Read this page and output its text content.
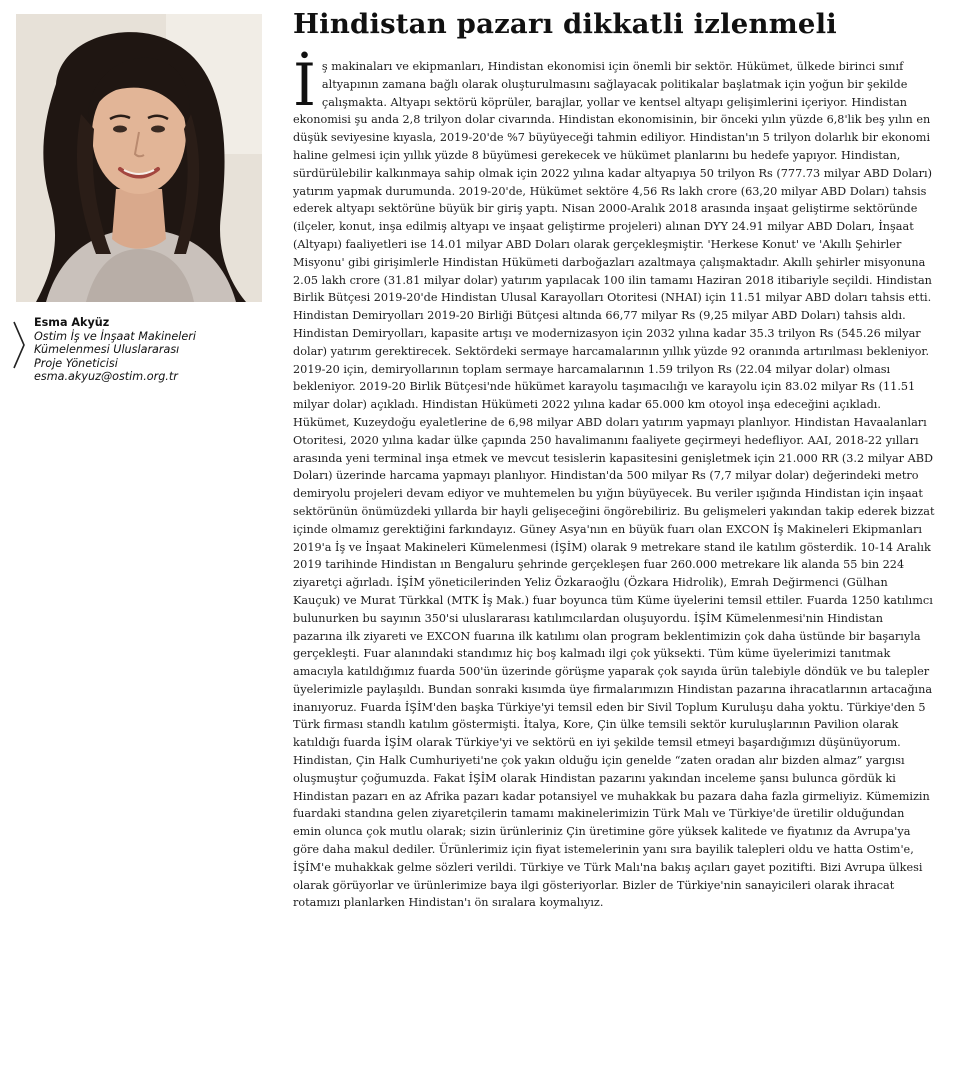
Esma Akyüz
Ostim İş ve İnşaat Makineleri
Kümelenmesi Uluslararası
Proje Yöneticisi
esma.akyuz@ostim.org.tr
Hindistan pazarı dikkatli izlenmeli
İ ş makinaları ve ekipmanları, Hindistan ekonomisi için önemli bir sektör. Hükümet, ülkede birinci sınıf altyapının zamana bağlı olarak oluşturulmasını sağlayacak politikalar başlatmak için yoğun bir şekilde çalışmakta. Altyapı sektörü köprüler, barajlar, yollar ve kentsel altyapı gelişimlerini içeriyor. Hindistan ekonomisi şu anda 2,8 trilyon dolar civarında. Hindistan ekonomisinin, bir önceki yılın yüzde 6,8'lik beş yılın en düşük seviyesine kıyasla, 2019-20'de %7 büyüyeceği tahmin ediliyor. Hindistan'ın 5 trilyon dolarlık bir ekonomi haline gelmesi için yıllık yüzde 8 büyümesi gerekecek ve hükümet planlarını bu hedefe yapıyor. Hindistan, sürdürülebilir kalkınmaya sahip olmak için 2022 yılına kadar altyapıya 50 trilyon Rs (777.73 milyar ABD Doları) yatırım yapmak durumunda. 2019-20'de, Hükümet sektöre 4,56 Rs lakh crore (63,20 milyar ABD Doları) tahsis ederek altyapı sektörüne büyük bir giriş yaptı. Nisan 2000-Aralık 2018 arasında inşaat geliştirme sektöründe (ilçeler, konut, inşa edilmiş altyapı ve inşaat geliştirme projeleri) alınan DYY 24.91 milyar ABD Doları, İnşaat (Altyapı) faaliyetleri ise 14.01 milyar ABD Doları olarak gerçekleşmiştir. 'Herkese Konut' ve 'Akıllı Şehirler Misyonu' gibi girişimlerle Hindistan Hükümeti darboğazları azaltmaya çalışmaktadır. Akıllı şehirler misyonuna 2.05 lakh crore (31.81 milyar dolar) yatırım yapılacak 100 ilin tamamı Haziran 2018 itibariyle seçildi. Hindistan Birlik Bütçesi 2019-20'de Hindistan Ulusal Karayolları Otoritesi (NHAI) için 11.51 milyar ABD doları tahsis etti. Hindistan Demiryolları 2019-20 Birliği Bütçesi altında 66,77 milyar Rs (9,25 milyar ABD Doları) tahsis aldı. Hindistan Demiryolları, kapasite artışı ve modernizasyon için 2032 yılına kadar 35.3 trilyon Rs (545.26 milyar dolar) yatırım gerektirecek. Sektördeki sermaye harcamalarının yıllık yüzde 92 oranında artırılması bekleniyor. 2019-20 için, demiryollarının toplam sermaye harcamalarının 1.59 trilyon Rs (22.04 milyar dolar) olması bekleniyor. 2019-20 Birlik Bütçesi'nde hükümet karayolu taşımacılığı ve karayolu için 83.02 milyar Rs (11.51 milyar dolar) açıkladı. Hindistan Hükümeti 2022 yılına kadar 65.000 km otoyol inşa edeceğini açıkladı. Hükümet, Kuzeydoğu eyaletlerine de 6,98 milyar ABD doları yatırım yapmayı planlıyor. Hindistan Havaalanları Otoritesi, 2020 yılına kadar ülke çapında 250 havalimanını faaliyete geçirmeyi hedefliyor. AAI, 2018-22 yılları arasında yeni terminal inşa etmek ve mevcut tesislerin kapasitesini genişletmek için 21.000 RR (3.2 milyar ABD Doları) üzerinde harcama yapmayı planlıyor. Hindistan'da 500 milyar Rs (7,7 milyar dolar) değerindeki metro demiryolu projeleri devam ediyor ve muhtemelen bu yığın büyüyecek. Bu veriler ışığında Hindistan için inşaat sektörünün önümüzdeki yıllarda bir hayli gelişeceğini öngörebiliriz. Bu gelişmeleri yakından takip ederek bizzat içinde olmamız gerektiğini farkındayız. Güney Asya'nın en büyük fuarı olan EXCON İş Makineleri Ekipmanları 2019'a İş ve İnşaat Makineleri Kümelenmesi (İŞİM) olarak 9 metrekare stand ile katılım gösterdik. 10-14 Aralık 2019 tarihinde Hindistan ın Bengaluru şehrinde gerçekleşen fuar 260.000 metrekare lik alanda 55 bin 224 ziyaretçi ağırladı. İŞİM yöneticilerinden Yeliz Özkaraoğlu (Özkara Hidrolik), Emrah Değirmenci (Gülhan Kauçuk) ve Murat Türkkal (MTK İş Mak.) fuar boyunca tüm Küme üyelerini temsil ettiler. Fuarda 1250 katılımcı bulunurken bu sayının 350'si uluslararası katılımcılardan oluşuyordu. İŞİM Kümelenmesi'nin Hindistan pazarına ilk ziyareti ve EXCON fuarına ilk katılımı olan program beklentimizin çok daha üstünde bir başarıyla gerçekleşti. Fuar alanındaki standımız hiç boş kalmadı ilgi çok yüksekti. Tüm küme üyelerimizi tanıtmak amacıyla katıldığımız fuarda 500'ün üzerinde görüşme yaparak çok sayıda ürün talebiyle döndük ve bu talepler üyelerimizle paylaşıldı. Bundan sonraki kısımda üye firmalarımızın Hindistan pazarına ihracatlarının artacağına inanıyoruz. Fuarda İŞİM'den başka Türkiye'yi temsil eden bir Sivil Toplum Kuruluşu daha yoktu. Türkiye'den 5 Türk firması standlı katılım göstermişti. İtalya, Kore, Çin ülke temsili sektör kuruluşlarının Pavilion olarak katıldığı fuarda İŞİM olarak Türkiye'yi ve sektörü en iyi şekilde temsil etmeyi başardığımızı düşünüyorum. Hindistan, Çin Halk Cumhuriyeti'ne çok yakın olduğu için genelde “zaten oradan alır bizden almaz” yargısı oluşmuştur çoğumuzda. Fakat İŞİM olarak Hindistan pazarını yakından inceleme şansı bulunca gördük ki Hindistan pazarı en az Afrika pazarı kadar potansiyel ve muhakkak bu pazara daha fazla girmeliyiz. Kümemizin fuardaki standına gelen ziyaretçilerin tamamı makinelerimizin Türk Malı ve Türkiye'de üretilir olduğundan emin olunca çok mutlu olarak; sizin ürünleriniz Çin üretimine göre yüksek kalitede ve fiyatınız da Avrupa'ya göre daha makul dediler. Ürünlerimiz için fiyat istemelerinin yanı sıra bayilik talepleri oldu ve hatta Ostim'e, İŞİM'e muhakkak gelme sözleri verildi. Türkiye ve Türk Malı'na bakış açıları gayet pozitifti. Bizi Avrupa ülkesi olarak görüyorlar ve ürünlerimize baya ilgi gösteriyorlar. Bizler de Türkiye'nin sanayicileri olarak ihracat rotamızı planlarken Hindistan'ı ön sıralara koymalıyız.
